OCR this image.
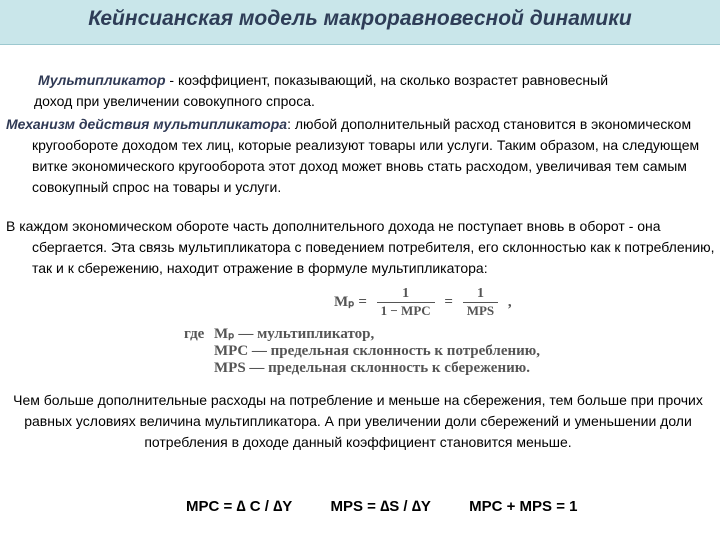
Кейнсианская модель макроравновесной динамики

Мультипликатор - коэффициент, показывающий, на сколько возрастет равновесный
доход при увеличении совокупного спроса.

Механизм действия мультипликатора: любой дополнительный расход становится в экономическом кругообороте доходом тех лиц, которые реализуют товары или услуги. Таким образом, на следующем витке экономического кругооборота этот доход может вновь стать расходом, увеличивая тем самым совокупный спрос на товары и услуги.

В каждом экономическом обороте часть дополнительного дохода не поступает вновь в оборот - она сбергается. Эта связь мультипликатора с поведением потребителя, его склонностью как к потреблению, так и к сбережению, находит отражение в формуле мультипликатора:

$M_p = \frac{1}{\text{1 − MPC}} = \frac{1}{\text{MPS}}$ ,
где Mₚ — мультипликатор,
MPC — предельная склонность к потреблению,
MPS — предельная склонность к сбережению.

Чем больше дополнительные расходы на потребление и меньше на сбережения, тем больше при прочих равных условиях величина мультипликатора. А при увеличении доли сбережений и уменьшении доли потребления в доходе данный коэффициент становится меньше.

MPC = ∆ C / ∆Y	MPS = ∆S / ∆Y	MPC + MPS = 1
